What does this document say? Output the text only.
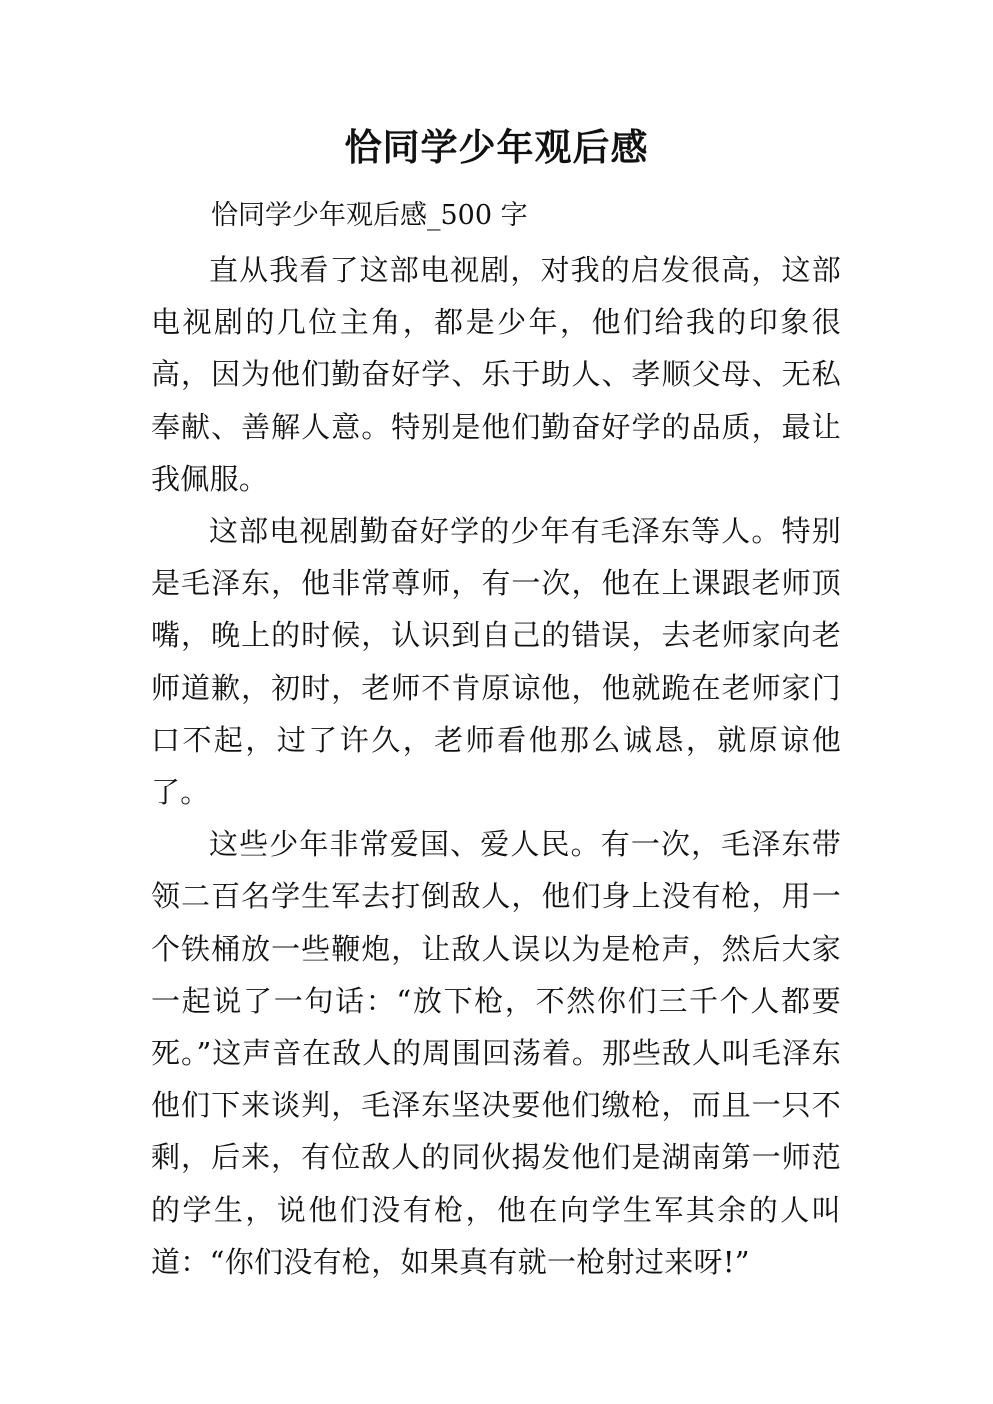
恰同学少年观后感

恰同学少年观后感_500 字

直从我看了这部电视剧，对我的启发很高，这部电视剧的几位主角，都是少年，他们给我的印象很高，因为他们勤奋好学、乐于助人、孝顺父母、无私奉献、善解人意。特别是他们勤奋好学的品质，最让我佩服。

这部电视剧勤奋好学的少年有毛泽东等人。特别是毛泽东，他非常尊师，有一次，他在上课跟老师顶嘴，晚上的时候，认识到自己的错误，去老师家向老师道歉，初时，老师不肯原谅他，他就跪在老师家门口不起，过了许久，老师看他那么诚恳，就原谅他了。

这些少年非常爱国、爱人民。有一次，毛泽东带领二百名学生军去打倒敌人，他们身上没有枪，用一个铁桶放一些鞭炮，让敌人误以为是枪声，然后大家一起说了一句话：“放下枪，不然你们三千个人都要死。”这声音在敌人的周围回荡着。那些敌人叫毛泽东他们下来谈判，毛泽东坚决要他们缴枪，而且一只不剩，后来，有位敌人的同伙揭发他们是湖南第一师范的学生，说他们没有枪，他在向学生军其余的人叫道：“你们没有枪，如果真有就一枪射过来呀!”
